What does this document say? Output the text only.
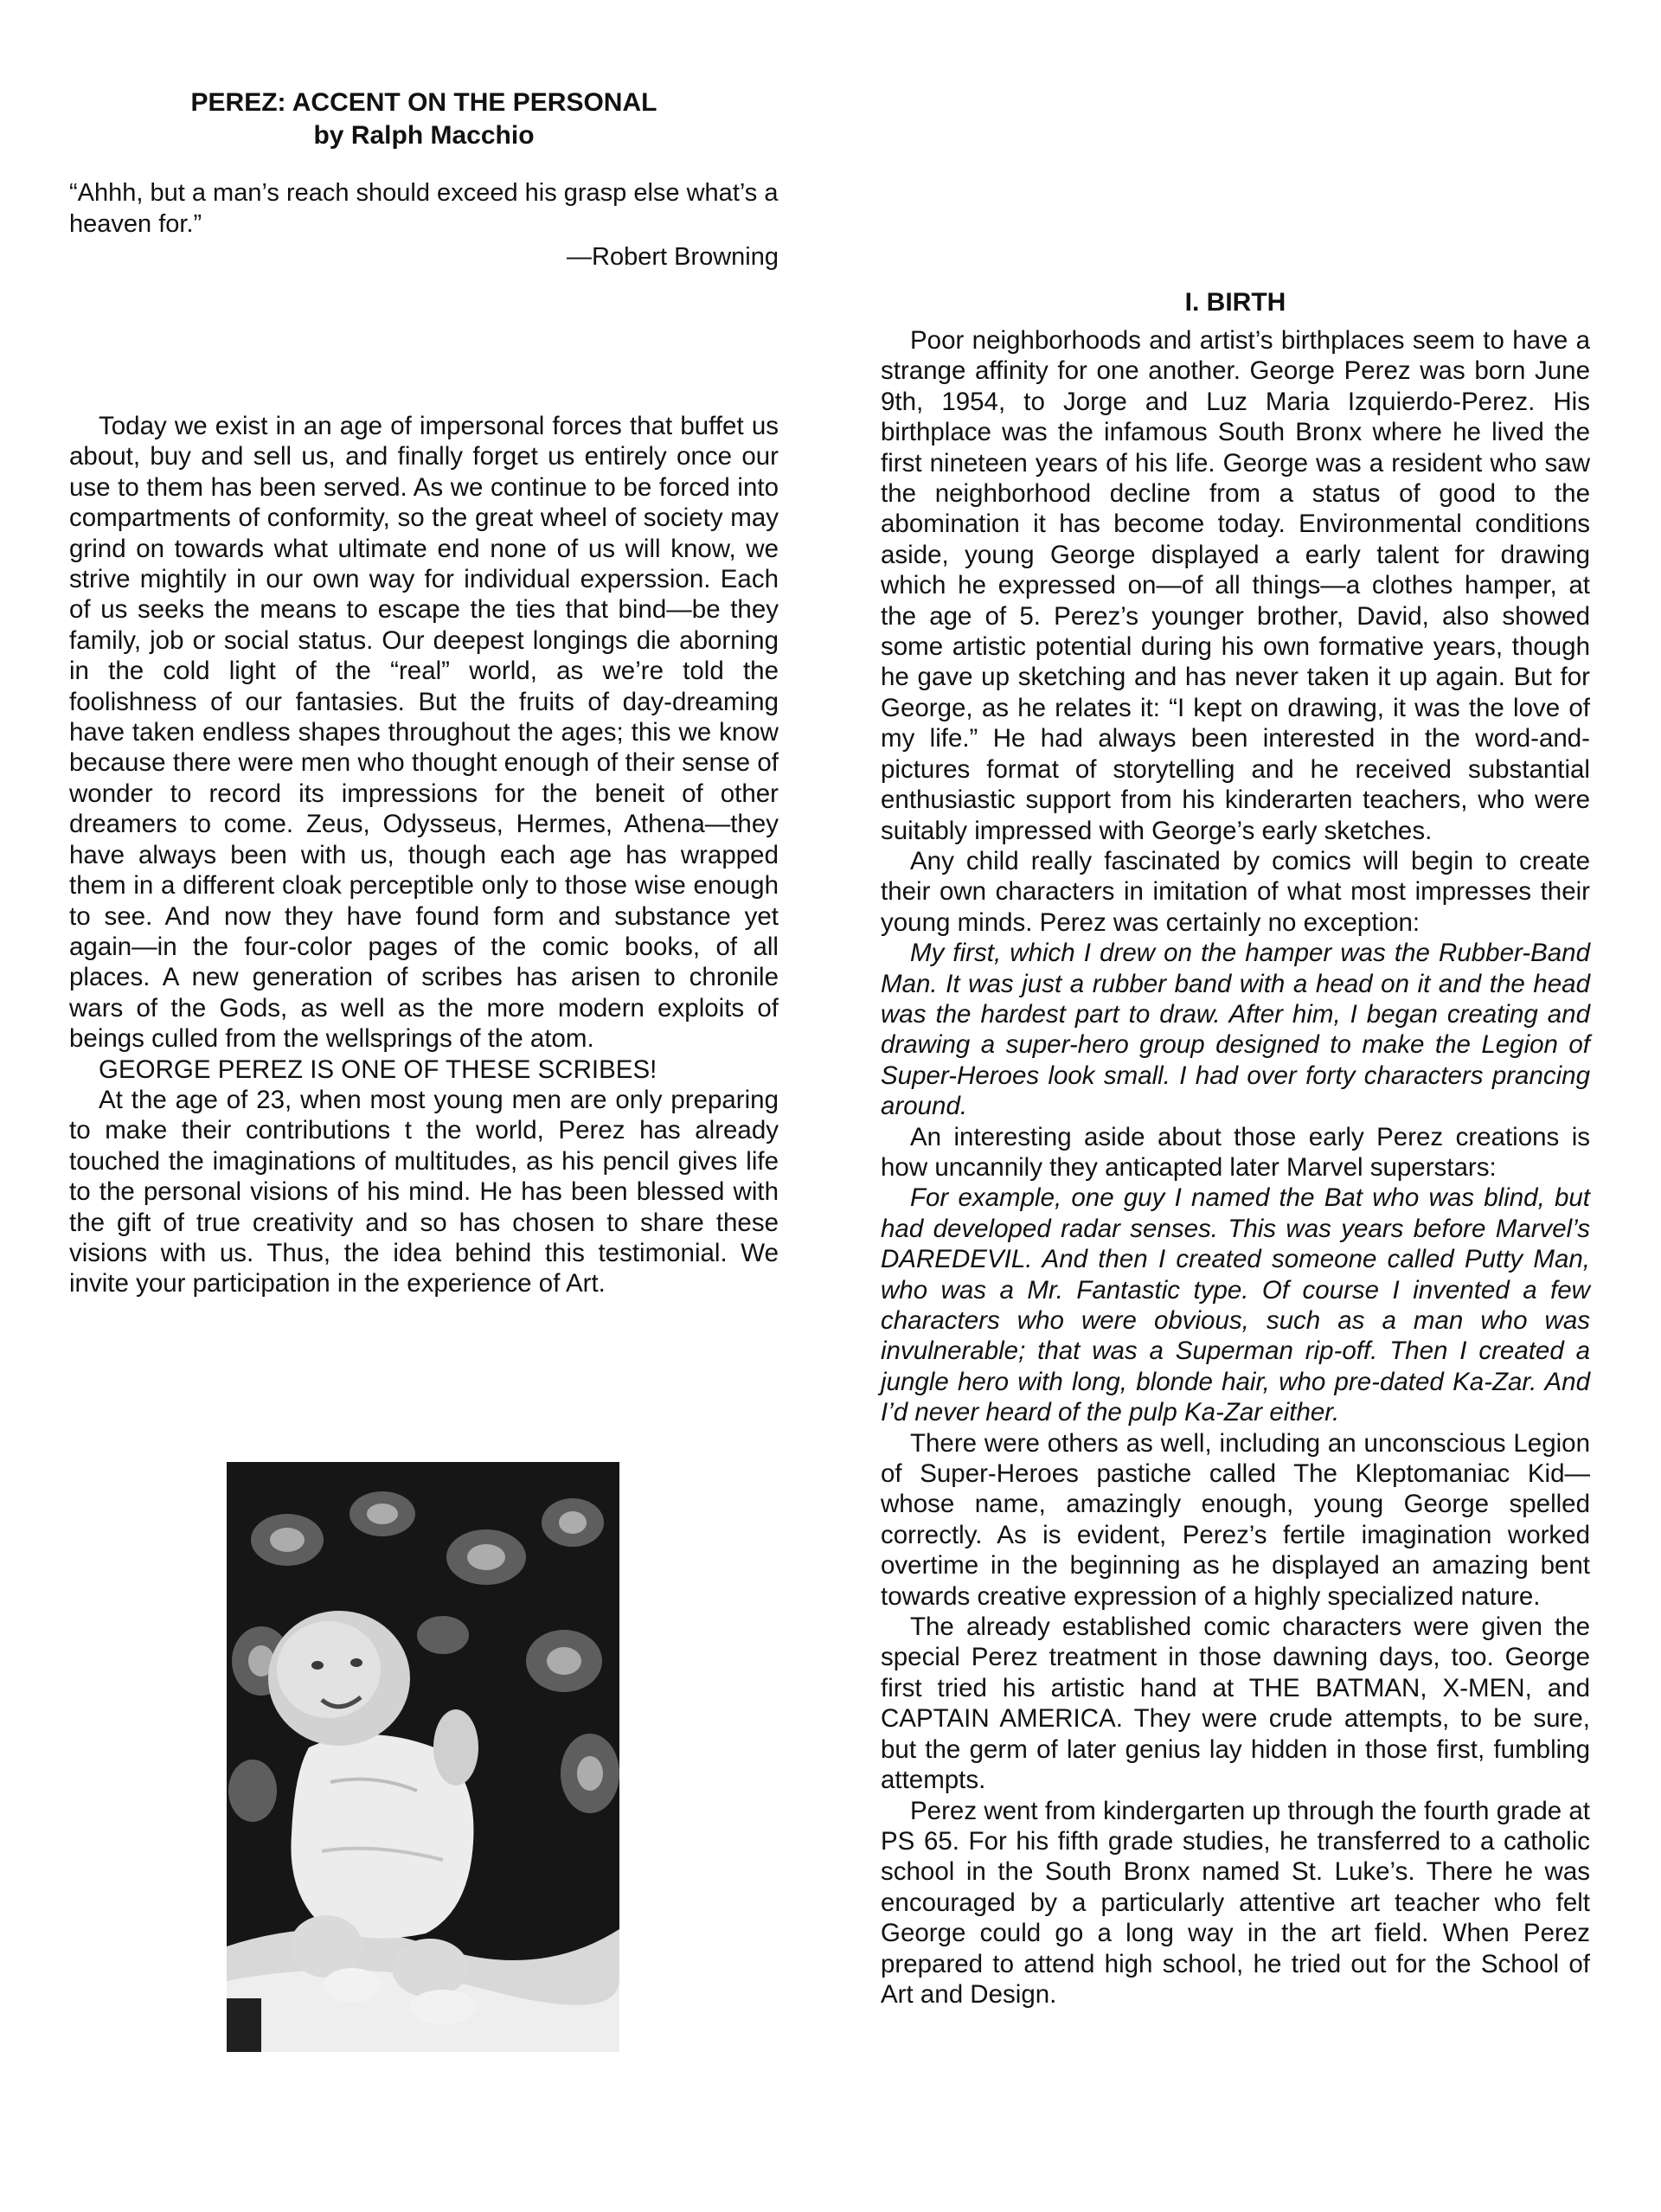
PEREZ: ACCENT ON THE PERSONAL
by Ralph Macchio
“Ahhh, but a man’s reach should exceed his grasp else what’s a heaven for.”
—Robert Browning

Today we exist in an age of impersonal forces that buffet us about, buy and sell us, and finally forget us entirely once our use to them has been served. As we continue to be forced into compartments of conformity, so the great wheel of society may grind on towards what ultimate end none of us will know, we strive mightily in our own way for individual experssion. Each of us seeks the means to escape the ties that bind—be they family, job or social status. Our deepest longings die aborning in the cold light of the “real” world, as we’re told the foolishness of our fantasies. But the fruits of day-dreaming have taken endless shapes throughout the ages; this we know because there were men who thought enough of their sense of wonder to record its impressions for the beneit of other dreamers to come. Zeus, Odysseus, Hermes, Athena—they have always been with us, though each age has wrapped them in a different cloak perceptible only to those wise enough to see. And now they have found form and substance yet again—in the four-color pages of the comic books, of all places. A new generation of scribes has arisen to chronile wars of the Gods, as well as the more modern exploits of beings culled from the wellsprings of the atom.

GEORGE PEREZ IS ONE OF THESE SCRIBES!

At the age of 23, when most young men are only preparing to make their contributions t the world, Perez has already touched the imaginations of multitudes, as his pencil gives life to the personal visions of his mind. He has been blessed with the gift of true creativity and so has chosen to share these visions with us. Thus, the idea behind this testimonial. We invite your participation in the experience of Art.

I. BIRTH

Poor neighborhoods and artist’s birthplaces seem to have a strange affinity for one another. George Perez was born June 9th, 1954, to Jorge and Luz Maria Izquierdo-Perez. His birthplace was the infamous South Bronx where he lived the first nineteen years of his life. George was a resident who saw the neighborhood decline from a status of good to the abomination it has become today. Environmental conditions aside, young George displayed a early talent for drawing which he expressed on—of all things—a clothes hamper, at the age of 5. Perez’s younger brother, David, also showed some artistic potential during his own formative years, though he gave up sketching and has never taken it up again. But for George, as he relates it: “I kept on drawing, it was the love of my life.” He had always been interested in the word-and-pictures format of storytelling and he received substantial enthusiastic support from his kinderarten teachers, who were suitably impressed with George’s early sketches.

Any child really fascinated by comics will begin to create their own characters in imitation of what most impresses their young minds. Perez was certainly no exception:

My first, which I drew on the hamper was the Rubber-Band Man. It was just a rubber band with a head on it and the head was the hardest part to draw. After him, I began creating and drawing a super-hero group designed to make the Legion of Super-Heroes look small. I had over forty characters prancing around.

An interesting aside about those early Perez creations is how uncannily they anticapted later Marvel superstars:

For example, one guy I named the Bat who was blind, but had developed radar senses. This was years before Marvel’s DAREDEVIL. And then I created someone called Putty Man, who was a Mr. Fantastic type. Of course I invented a few characters who were obvious, such as a man who was invulnerable; that was a Superman rip-off. Then I created a jungle hero with long, blonde hair, who pre-dated Ka-Zar. And I’d never heard of the pulp Ka-Zar either.

There were others as well, including an unconscious Legion of Super-Heroes pastiche called The Kleptomaniac Kid—whose name, amazingly enough, young George spelled correctly. As is evident, Perez’s fertile imagination worked overtime in the beginning as he displayed an amazing bent towards creative expression of a highly specialized nature.

The already established comic characters were given the special Perez treatment in those dawning days, too. George first tried his artistic hand at THE BATMAN, X-MEN, and CAPTAIN AMERICA. They were crude attempts, to be sure, but the germ of later genius lay hidden in those first, fumbling attempts.

Perez went from kindergarten up through the fourth grade at PS 65. For his fifth grade studies, he transferred to a catholic school in the South Bronx named St. Luke’s. There he was encouraged by a particularly attentive art teacher who felt George could go a long way in the art field. When Perez prepared to attend high school, he tried out for the School of Art and Design.
